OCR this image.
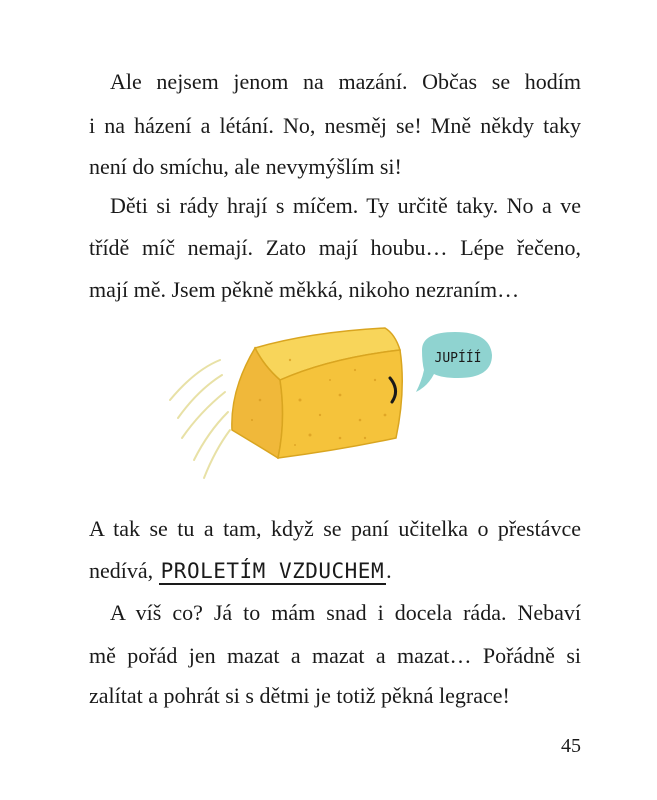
Ale nejsem jenom na mazání. Občas se hodím
i na házení a létání. No, nesměj se! Mně někdy taky
není do smíchu, ale nevymýšlím si!
Děti si rády hrají s míčem. Ty určitě taky. No a ve
třídě míč nemají. Zato mají houbu… Lépe řečeno,
mají mě. Jsem pěkně měkká, nikoho nezraním…
JUPÍÍÍ
A tak se tu a tam, když se paní učitelka o přestávce
nedívá, PROLETÍM VZDUCHEM.
A víš co? Já to mám snad i docela ráda. Nebaví
mě pořád jen mazat a mazat a mazat… Pořádně si
zalítat a pohrát si s dětmi je totiž pěkná legrace!
45
